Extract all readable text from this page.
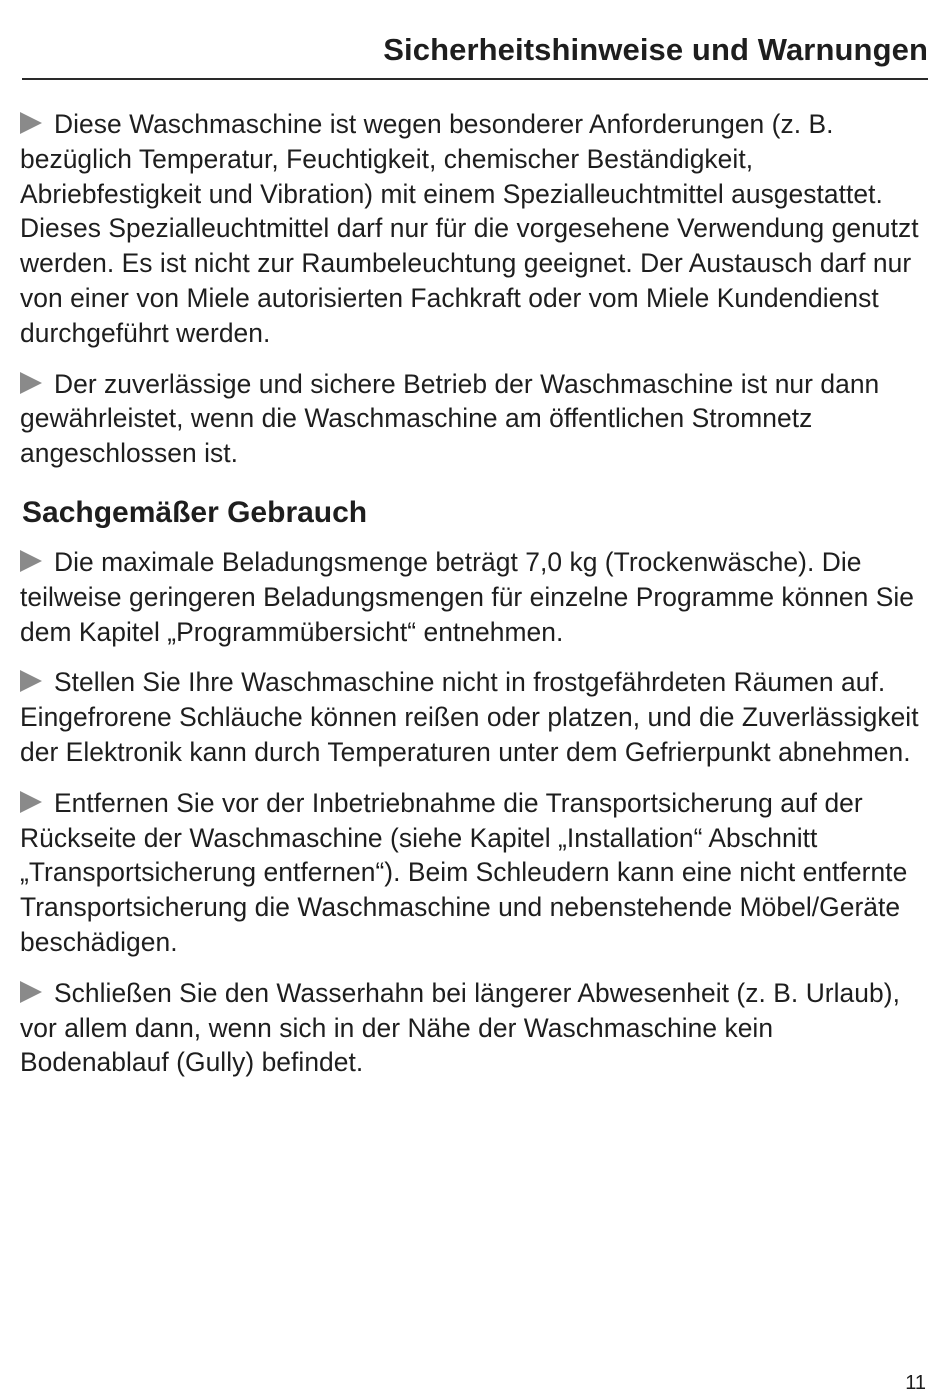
Sicherheitshinweise und Warnungen

Diese Waschmaschine ist wegen besonderer Anforderungen (z. B. bezüglich Temperatur, Feuchtigkeit, chemischer Beständigkeit, Abriebfestigkeit und Vibration) mit einem Spezialleuchtmittel ausgestattet. Dieses Spezialleuchtmittel darf nur für die vorgesehene Verwendung genutzt werden. Es ist nicht zur Raumbeleuchtung geeignet. Der Austausch darf nur von einer von Miele autorisierten Fachkraft oder vom Miele Kundendienst durchgeführt werden.

Der zuverlässige und sichere Betrieb der Waschmaschine ist nur dann gewährleistet, wenn die Waschmaschine am öffentlichen Stromnetz angeschlossen ist.

Sachgemäßer Gebrauch

Die maximale Beladungsmenge beträgt 7,0 kg (Trockenwäsche). Die teilweise geringeren Beladungsmengen für einzelne Programme können Sie dem Kapitel „Programmübersicht“ entnehmen.

Stellen Sie Ihre Waschmaschine nicht in frostgefährdeten Räumen auf. Eingefrorene Schläuche können reißen oder platzen, und die Zuverlässigkeit der Elektronik kann durch Temperaturen unter dem Gefrierpunkt abnehmen.

Entfernen Sie vor der Inbetriebnahme die Transportsicherung auf der Rückseite der Waschmaschine (siehe Kapitel „Installation“ Abschnitt „Transportsicherung entfernen“). Beim Schleudern kann eine nicht entfernte Transportsicherung die Waschmaschine und nebenstehende Möbel/Geräte beschädigen.

Schließen Sie den Wasserhahn bei längerer Abwesenheit (z. B. Urlaub), vor allem dann, wenn sich in der Nähe der Waschmaschine kein Bodenablauf (Gully) befindet.

11
